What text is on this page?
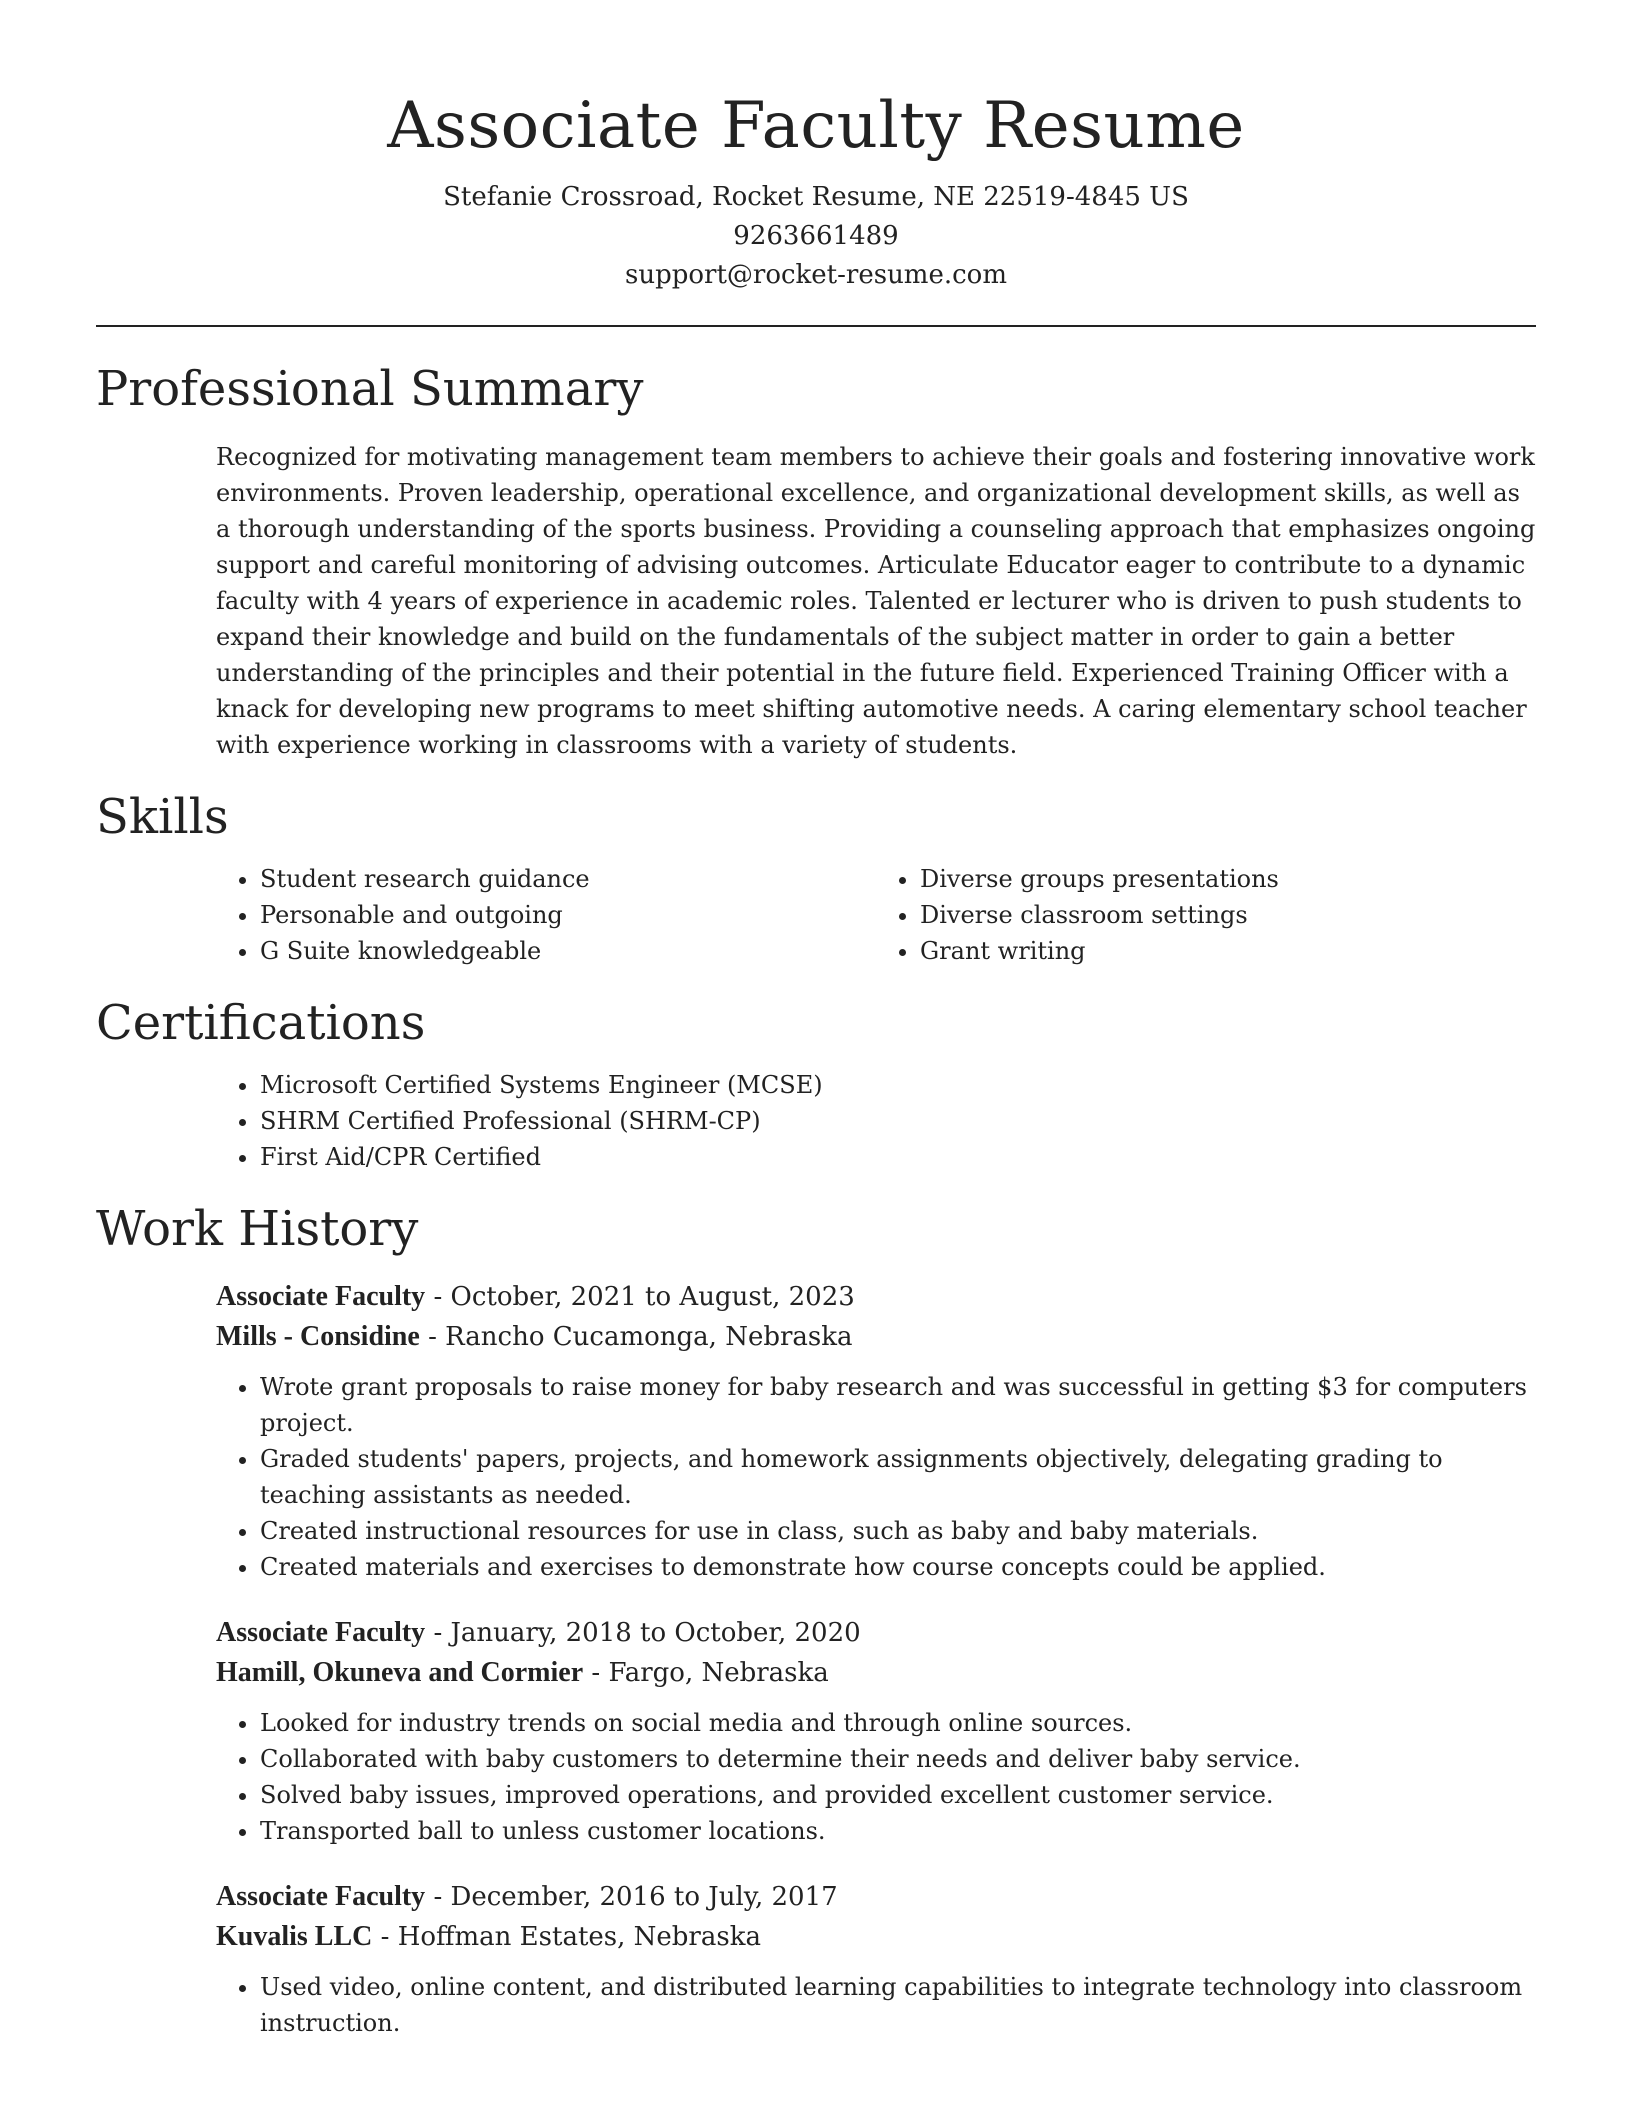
Associate Faculty Resume
Stefanie Crossroad, Rocket Resume, NE 22519-4845 US
9263661489
support@rocket-resume.com
Professional Summary

Recognized for motivating management team members to achieve their goals and fostering innovative work environments. Proven leadership, operational excellence, and organizational development skills, as well as a thorough understanding of the sports business. Providing a counseling approach that emphasizes ongoing support and careful monitoring of advising outcomes. Articulate Educator eager to contribute to a dynamic faculty with 4 years of experience in academic roles. Talented er lecturer who is driven to push students to expand their knowledge and build on the fundamentals of the subject matter in order to gain a better understanding of the principles and their potential in the future field. Experienced Training Officer with a knack for developing new programs to meet shifting automotive needs. A caring elementary school teacher with experience working in classrooms with a variety of students.

Skills
• Student research guidance
• Personable and outgoing
• G Suite knowledgeable
• Diverse groups presentations
• Diverse classroom settings
• Grant writing
Certifications
• Microsoft Certified Systems Engineer (MCSE)
• SHRM Certified Professional (SHRM-CP)
• First Aid/CPR Certified
Work History
Associate Faculty - October, 2021 to August, 2023
Mills - Considine - Rancho Cucamonga, Nebraska
• Wrote grant proposals to raise money for baby research and was successful in getting $3 for computers project.
• Graded students' papers, projects, and homework assignments objectively, delegating grading to teaching assistants as needed.
• Created instructional resources for use in class, such as baby and baby materials.
• Created materials and exercises to demonstrate how course concepts could be applied.
Associate Faculty - January, 2018 to October, 2020
Hamill, Okuneva and Cormier - Fargo, Nebraska
• Looked for industry trends on social media and through online sources.
• Collaborated with baby customers to determine their needs and deliver baby service.
• Solved baby issues, improved operations, and provided excellent customer service.
• Transported ball to unless customer locations.
Associate Faculty - December, 2016 to July, 2017
Kuvalis LLC - Hoffman Estates, Nebraska
• Used video, online content, and distributed learning capabilities to integrate technology into classroom instruction.
